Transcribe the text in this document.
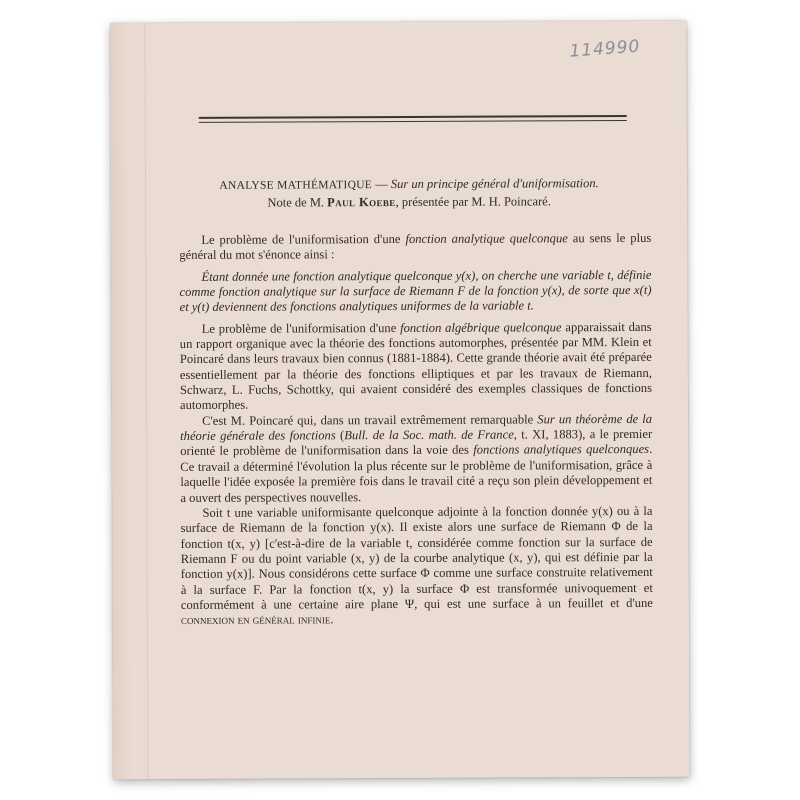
114990
ANALYSE MATHÉMATIQUE — Sur un principe général d'uniformisation.
Note de M. Paul Koebe, présentée par M. H. Poincaré.

Le problème de l'uniformisation d'une fonction analytique quelconque au sens le plus général du mot s'énonce ainsi :

Étant donnée une fonction analytique quelconque y(x), on cherche une variable t, définie comme fonction analytique sur la surface de Riemann F de la fonction y(x), de sorte que x(t) et y(t) deviennent des fonctions analytiques uniformes de la variable t.

Le problème de l'uniformisation d'une fonction algébrique quelconque apparaissait dans un rapport organique avec la théorie des fonctions automorphes, présentée par MM. Klein et Poincaré dans leurs travaux bien connus (1881-1884). Cette grande théorie avait été préparée essentiellement par la théorie des fonctions elliptiques et par les travaux de Riemann, Schwarz, L. Fuchs, Schottky, qui avaient considéré des exemples classiques de fonctions automorphes.

C'est M. Poincaré qui, dans un travail extrêmement remarquable Sur un théorème de la théorie générale des fonctions (Bull. de la Soc. math. de France, t. XI, 1883), a le premier orienté le problème de l'uniformisation dans la voie des fonctions analytiques quelconques. Ce travail a déterminé l'évolution la plus récente sur le problème de l'uniformisation, grâce à laquelle l'idée exposée la première fois dans le travail cité a reçu son plein développement et a ouvert des perspectives nouvelles.

Soit t une variable uniformisante quelconque adjointe à la fonction donnée y(x) ou à la surface de Riemann de la fonction y(x). Il existe alors une surface de Riemann Φ de la fonction t(x, y) [c'est-à-dire de la variable t, considérée comme fonction sur la surface de Riemann F ou du point variable (x, y) de la courbe analytique (x, y), qui est définie par la fonction y(x)]. Nous considérons cette surface Φ comme une surface construite relativement à la surface F. Par la fonction t(x, y) la surface Φ est transformée univoquement et conformément à une certaine aire plane Ψ, qui est une surface à un feuillet et d'une connexion en général infinie.
